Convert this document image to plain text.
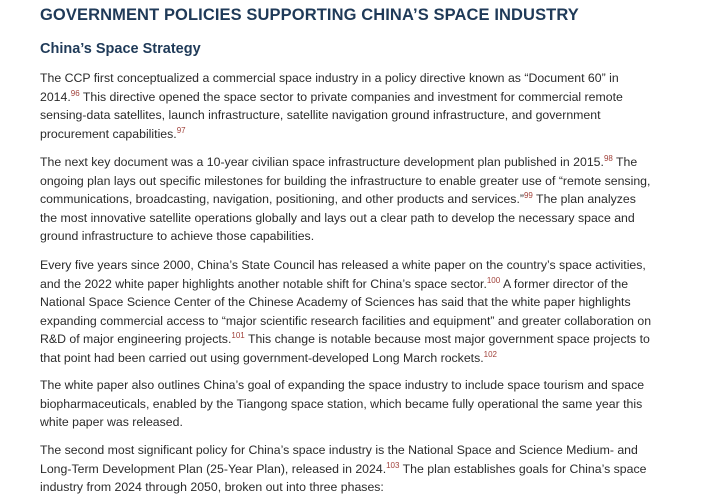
GOVERNMENT POLICIES SUPPORTING CHINA’S SPACE INDUSTRY
China’s Space Strategy

The CCP first conceptualized a commercial space industry in a policy directive known as “Document 60” in
2014.96 This directive opened the space sector to private companies and investment for commercial remote
sensing-data satellites, launch infrastructure, satellite navigation ground infrastructure, and government
procurement capabilities.$^{97}$

The next key document was a 10-year civilian space infrastructure development plan published in 2015.98 The
ongoing plan lays out specific milestones for building the infrastructure to enable greater use of “remote sensing,
communications, broadcasting, navigation, positioning, and other products and services.”$^{99}$ The plan analyzes
the most innovative satellite operations globally and lays out a clear path to develop the necessary space and
ground infrastructure to achieve those capabilities.

Every five years since 2000, China’s State Council has released a white paper on the country’s space activities,
and the 2022 white paper highlights another notable shift for China’s space sector.$^{100}$ A former director of the
National Space Science Center of the Chinese Academy of Sciences has said that the white paper highlights
expanding commercial access to “major scientific research facilities and equipment” and greater collaboration on
R&D of major engineering projects.$^{101}$ This change is notable because most major government space projects to
that point had been carried out using government-developed Long March rockets.$^{102}$

The white paper also outlines China’s goal of expanding the space industry to include space tourism and space
biopharmaceuticals, enabled by the Tiangong space station, which became fully operational the same year this
white paper was released.

The second most significant policy for China’s space industry is the National Space and Science Medium- and
Long-Term Development Plan (25-Year Plan), released in 2024.$^{103}$ The plan establishes goals for China’s space
industry from 2024 through 2050, broken out into three phases:
